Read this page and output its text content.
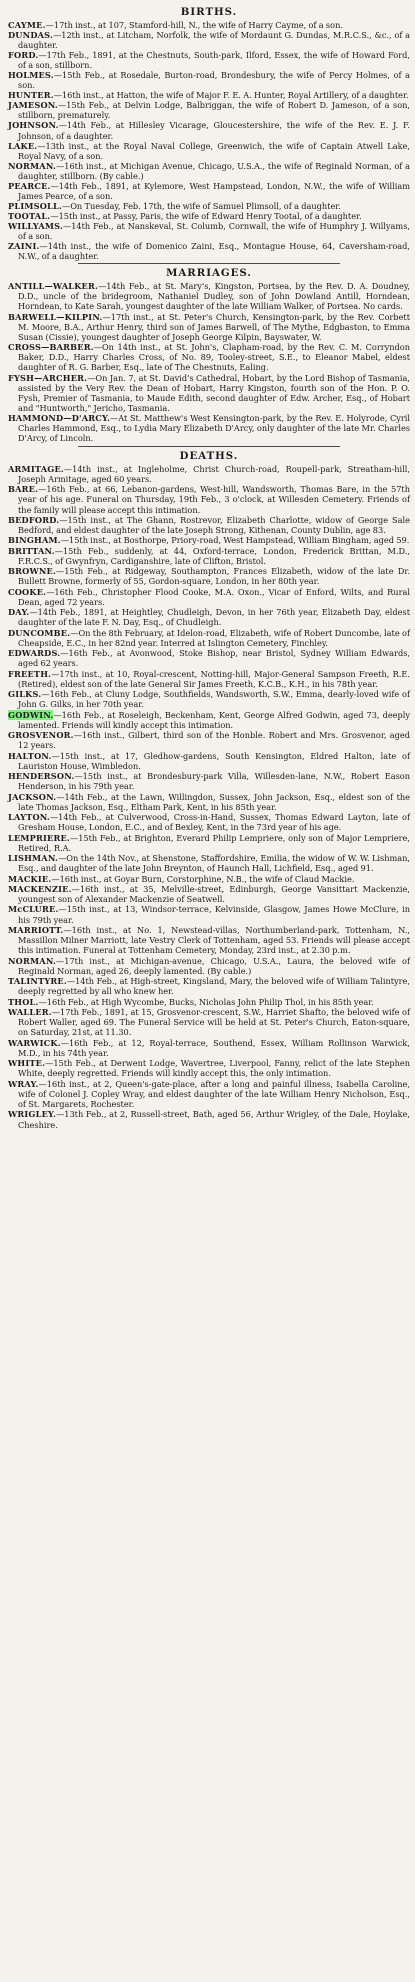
BIRTHS.

CAYME.—17th inst., at 107, Stamford-hill, N., the wife of Harry Cayme, of a son.

DUNDAS.—12th inst., at Litcham, Norfolk, the wife of Mordaunt G. Dundas, M.R.C.S., &c., of a daughter.

FORD.—17th Feb., 1891, at the Chestnuts, South-park, Ilford, Essex, the wife of Howard Ford, of a son, stillborn.

HOLMES.—15th Feb., at Rosedale, Burton-road, Brondesbury, the wife of Percy Holmes, of a son.

HUNTER.—16th inst., at Hatton, the wife of Major F. E. A. Hunter, Royal Artillery, of a daughter.

JAMESON.—15th Feb., at Delvin Lodge, Balbriggan, the wife of Robert D. Jameson, of a son, stillborn, prematurely.

JOHNSON.—14th Feb., at Hillesley Vicarage, Gloucestershire, the wife of the Rev. E. J. F. Johnson, of a daughter.

LAKE.—13th inst., at the Royal Naval College, Greenwich, the wife of Captain Atwell Lake, Royal Navy, of a son.

NORMAN.—16th inst., at Michigan Avenue, Chicago, U.S.A., the wife of Reginald Norman, of a daughter, stillborn. (By cable.)

PEARCE.—14th Feb., 1891, at Kylemore, West Hampstead, London, N.W., the wife of William James Pearce, of a son.

PLIMSOLL.—On Tuesday, Feb. 17th, the wife of Samuel Plimsoll, of a daughter.

TOOTAL.—15th inst., at Passy, Paris, the wife of Edward Henry Tootal, of a daughter.

WILLYAMS.—14th Feb., at Nanskeval, St. Columb, Cornwall, the wife of Humphry J. Willyams, of a son.

ZAINI.—14th inst., the wife of Domenico Zaini, Esq., Montague House, 64, Caversham-road, N.W., of a daughter.

MARRIAGES.

ANTILL—WALKER.—14th Feb., at St. Mary's, Kingston, Portsea, by the Rev. D. A. Doudney, D.D., uncle of the bridegroom, Nathaniel Dudley, son of John Dowland Antill, Horndean, Horndean, to Kate Sarah, youngest daughter of the late William Walker, of Portsea. No cards.

BARWELL—KILPIN.—17th inst., at St. Peter's Church, Kensington-park, by the Rev. Corbett M. Moore, B.A., Arthur Henry, third son of James Barwell, of The Mythe, Edgbaston, to Emma Susan (Cissie), youngest daughter of Joseph George Kilpin, Bayswater, W.

CROSS—BARBER.—On 14th inst., at St. John's, Clapham-road, by the Rev. C. M. Corryndon Baker, D.D., Harry Charles Cross, of No. 89, Tooley-street, S.E., to Eleanor Mabel, eldest daughter of R. G. Barber, Esq., late of The Chestnuts, Ealing.

FYSH—ARCHER.—On Jan. 7, at St. David's Cathedral, Hobart, by the Lord Bishop of Tasmania, assisted by the Very Rev. the Dean of Hobart, Harry Kingston, fourth son of the Hon. P. O. Fysh, Premier of Tasmania, to Maude Edith, second daughter of Edw. Archer, Esq., of Hobart and "Huntworth," Jericho, Tasmania.

HAMMOND—D'ARCY.—At St. Matthew's West Kensington-park, by the Rev. E. Holyrode, Cyril Charles Hammond, Esq., to Lydia Mary Elizabeth D'Arcy, only daughter of the late Mr. Charles D'Arcy, of Lincoln.

DEATHS.

ARMITAGE.—14th inst., at Ingleholme, Christ Church-road, Roupell-park, Streatham-hill, Joseph Armitage, aged 60 years.

BARE.—16th Feb., at 66, Lebanon-gardens, West-hill, Wandsworth, Thomas Bare, in the 57th year of his age. Funeral on Thursday, 19th Feb., 3 o'clock, at Willesden Cemetery. Friends of the family will please accept this intimation.

BEDFORD.—15th inst., at The Ghann, Rostrevor, Elizabeth Charlotte, widow of George Sale Bedford, and eldest daughter of the late Joseph Strong, Kithenan, County Dublin, age 83.

BINGHAM.—15th inst., at Bosthorpe, Priory-road, West Hampstead, William Bingham, aged 59.

BRITTAN.—15th Feb., suddenly, at 44, Oxford-terrace, London, Frederick Brittan, M.D., F.R.C.S., of Gwynfryn, Cardiganshire, late of Clifton, Bristol.

BROWNE.—15th Feb., at Ridgeway, Southampton, Frances Elizabeth, widow of the late Dr. Bullett Browne, formerly of 55, Gordon-square, London, in her 80th year.

COOKE.—16th Feb., Christopher Flood Cooke, M.A. Oxon., Vicar of Enford, Wilts, and Rural Dean, aged 72 years.

DAY.—14th Feb., 1891, at Heightley, Chudleigh, Devon, in her 76th year, Elizabeth Day, eldest daughter of the late F. N. Day, Esq., of Chudleigh.

DUNCOMBE.—On the 8th February, at Idelon-road, Elizabeth, wife of Robert Duncombe, late of Cheapside, E.C., in her 82nd year. Interred at Islington Cemetery, Finchley.

EDWARDS.—16th Feb., at Avonwood, Stoke Bishop, near Bristol, Sydney William Edwards, aged 62 years.

FREETH.—17th inst., at 10, Royal-crescent, Notting-hill, Major-General Sampson Freeth, R.E. (Retired), eldest son of the late General Sir James Freeth, K.C.B., K.H., in his 78th year.

GILKS.—16th Feb., at Cluny Lodge, Southfields, Wandsworth, S.W., Emma, dearly-loved wife of John G. Gilks, in her 70th year.

GODWIN.—16th Feb., at Roseleigh, Beckenham, Kent, George Alfred Godwin, aged 73, deeply lamented. Friends will kindly accept this intimation.

GROSVENOR.—16th inst., Gilbert, third son of the Honble. Robert and Mrs. Grosvenor, aged 12 years.

HALTON.—15th inst., at 17, Gledhow-gardens, South Kensington, Eldred Halton, late of Lauriston House, Wimbledon.

HENDERSON.—15th inst., at Brondesbury-park Villa, Willesden-lane, N.W., Robert Eason Henderson, in his 79th year.

JACKSON.—14th Feb., at the Lawn, Willingdon, Sussex, John Jackson, Esq., eldest son of the late Thomas Jackson, Esq., Eltham Park, Kent, in his 85th year.

LAYTON.—14th Feb., at Culverwood, Cross-in-Hand, Sussex, Thomas Edward Layton, late of Gresham House, London, E.C., and of Bexley, Kent, in the 73rd year of his age.

LEMPRIERE.—15th Feb., at Brighton, Everard Philip Lempriere, only son of Major Lempriere, Retired, R.A.

LISHMAN.—On the 14th Nov., at Shenstone, Staffordshire, Emilia, the widow of W. W. Lishman, Esq., and daughter of the late John Breynton, of Haunch Hall, Lichfield, Esq., aged 91.

MACKIE.—16th inst., at Goyar Burn, Corstorphine, N.B., the wife of Claud Mackie.

MACKENZIE.—16th inst., at 35, Melville-street, Edinburgh, George Vansittart Mackenzie, youngest son of Alexander Mackenzie of Seatwell.

McCLURE.—15th inst., at 13, Windsor-terrace, Kelvinside, Glasgow, James Howe McClure, in his 79th year.

MARRIOTT.—16th inst., at No. 1, Newstead-villas, Northumberland-park, Tottenham, N., Massillon Milner Marriott, late Vestry Clerk of Tottenham, aged 53. Friends will please accept this intimation. Funeral at Tottenham Cemetery, Monday, 23rd inst., at 2.30 p.m.

NORMAN.—17th inst., at Michigan-avenue, Chicago, U.S.A., Laura, the beloved wife of Reginald Norman, aged 26, deeply lamented. (By cable.)

TALINTYRE.—14th Feb., at High-street, Kingsland, Mary, the beloved wife of William Talintyre, deeply regretted by all who knew her.

THOL.—16th Feb., at High Wycombe, Bucks, Nicholas John Philip Thol, in his 85th year.

WALLER.—17th Feb., 1891, at 15, Grosvenor-crescent, S.W., Harriet Shafto, the beloved wife of Robert Waller, aged 69. The Funeral Service will be held at St. Peter's Church, Eaton-square, on Saturday, 21st, at 11.30.

WARWICK.—16th Feb., at 12, Royal-terrace, Southend, Essex, William Rollinson Warwick, M.D., in his 74th year.

WHITE.—15th Feb., at Derwent Lodge, Wavertree, Liverpool, Fanny, relict of the late Stephen White, deeply regretted. Friends will kindly accept this, the only intimation.

WRAY.—16th inst., at 2, Queen's-gate-place, after a long and painful illness, Isabella Caroline, wife of Colonel J. Copley Wray, and eldest daughter of the late William Henry Nicholson, Esq., of St. Margarets, Rochester.

WRIGLEY.—13th Feb., at 2, Russell-street, Bath, aged 56, Arthur Wrigley, of the Dale, Hoylake, Cheshire.
